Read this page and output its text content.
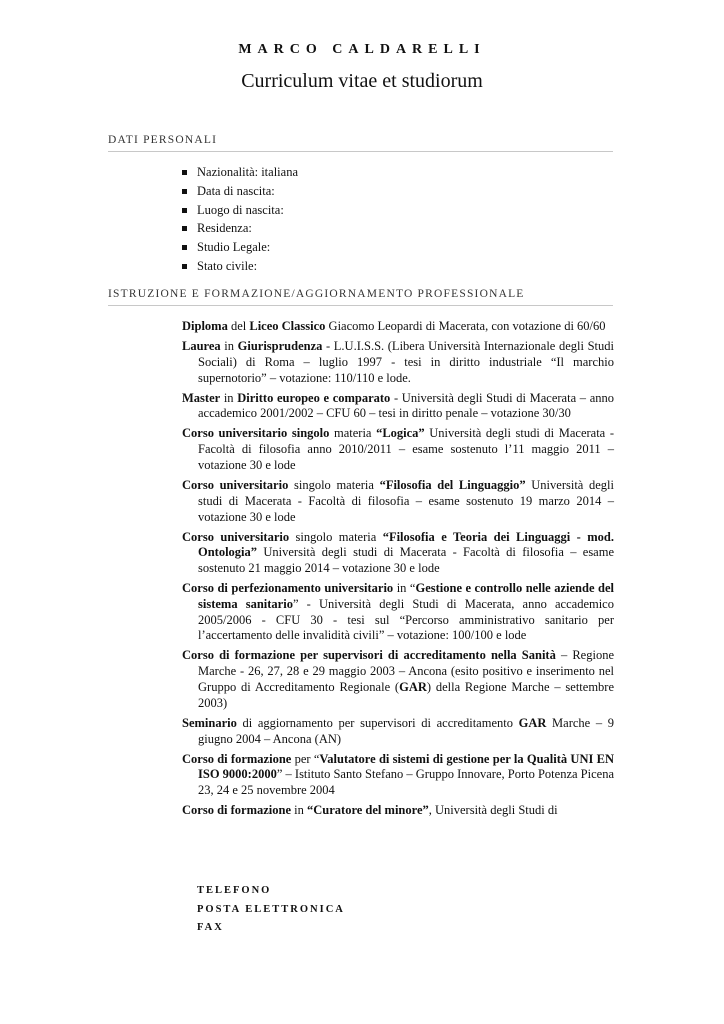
MARCO CALDARELLI
Curriculum vitae et studiorum
DATI PERSONALI
Nazionalità: italiana
Data di nascita:
Luogo di nascita:
Residenza:
Studio Legale:
Stato civile:
ISTRUZIONE E FORMAZIONE/AGGIORNAMENTO PROFESSIONALE
Diploma del Liceo Classico Giacomo Leopardi di Macerata, con votazione di 60/60
Laurea in Giurisprudenza - L.U.I.S.S. (Libera Università Internazionale degli Studi Sociali) di Roma – luglio 1997 - tesi in diritto industriale “Il marchio supernotorio” – votazione: 110/110 e lode.
Master in Diritto europeo e comparato - Università degli Studi di Macerata – anno accademico 2001/2002 – CFU 60 – tesi in diritto penale – votazione 30/30
Corso universitario singolo materia “Logica” Università degli studi di Macerata - Facoltà di filosofia anno 2010/2011 – esame sostenuto l’11 maggio 2011 – votazione 30 e lode
Corso universitario singolo materia “Filosofia del Linguaggio” Università degli studi di Macerata - Facoltà di filosofia – esame sostenuto 19 marzo 2014 – votazione 30 e lode
Corso universitario singolo materia “Filosofia e Teoria dei Linguaggi - mod. Ontologia” Università degli studi di Macerata - Facoltà di filosofia – esame sostenuto 21 maggio 2014 – votazione 30 e lode
Corso di perfezionamento universitario in “Gestione e controllo nelle aziende del sistema sanitario” - Università degli Studi di Macerata, anno accademico 2005/2006 - CFU 30 - tesi sul “Percorso amministrativo sanitario per l’accertamento delle invalidità civili” – votazione: 100/100 e lode
Corso di formazione per supervisori di accreditamento nella Sanità – Regione Marche - 26, 27, 28 e 29 maggio 2003 – Ancona (esito positivo e inserimento nel Gruppo di Accreditamento Regionale (GAR) della Regione Marche – settembre 2003)
Seminario di aggiornamento per supervisori di accreditamento GAR Marche – 9 giugno 2004 – Ancona (AN)
Corso di formazione per “Valutatore di sistemi di gestione per la Qualità UNI EN ISO 9000:2000” – Istituto Santo Stefano – Gruppo Innovare, Porto Potenza Picena 23, 24 e 25 novembre 2004
Corso di formazione in “Curatore del minore”, Università degli Studi di
TELEFONO
POSTA ELETTRONICA
FAX
